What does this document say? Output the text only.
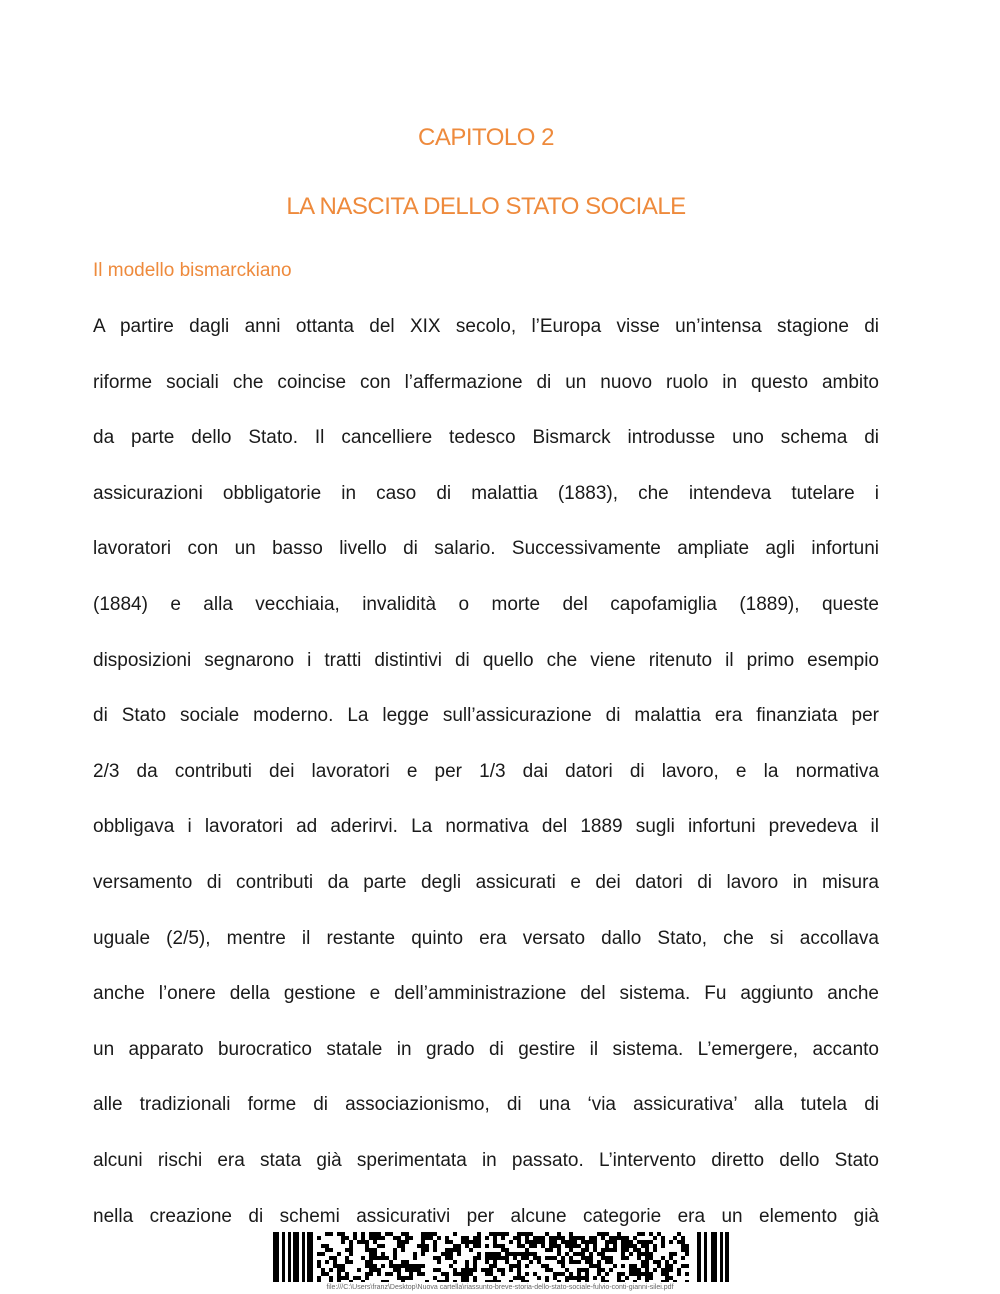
CAPITOLO 2
LA NASCITA DELLO STATO SOCIALE
Il modello bismarckiano
A partire dagli anni ottanta del XIX secolo, l’Europa visse un’intensa stagione di
riforme sociali che coincise con l’affermazione di un nuovo ruolo in questo ambito
da parte dello Stato. Il cancelliere tedesco Bismarck introdusse uno schema di
assicurazioni obbligatorie in caso di malattia (1883), che intendeva tutelare i
lavoratori con un basso livello di salario. Successivamente ampliate agli infortuni
(1884) e alla vecchiaia, invalidità o morte del capofamiglia (1889), queste
disposizioni segnarono i tratti distintivi di quello che viene ritenuto il primo esempio
di Stato sociale moderno. La legge sull’assicurazione di malattia era finanziata per
2/3 da contributi dei lavoratori e per 1/3 dai datori di lavoro, e la normativa
obbligava i lavoratori ad aderirvi. La normativa del 1889 sugli infortuni prevedeva il
versamento di contributi da parte degli assicurati e dei datori di lavoro in misura
uguale (2/5), mentre il restante quinto era versato dallo Stato, che si accollava
anche l’onere della gestione e dell’amministrazione del sistema. Fu aggiunto anche
un apparato burocratico statale in grado di gestire il sistema. L’emergere, accanto
alle tradizionali forme di associazionismo, di una ‘via assicurativa’ alla tutela di
alcuni rischi era stata già sperimentata in passato. L’intervento diretto dello Stato
nella creazione di schemi assicurativi per alcune categorie era un elemento già
file:///C:\Users\franz\Desktop\Nuova cartella\riassunto-breve-storia-dello-stato-sociale-fulvio-conti-gianni-silei.pdf
